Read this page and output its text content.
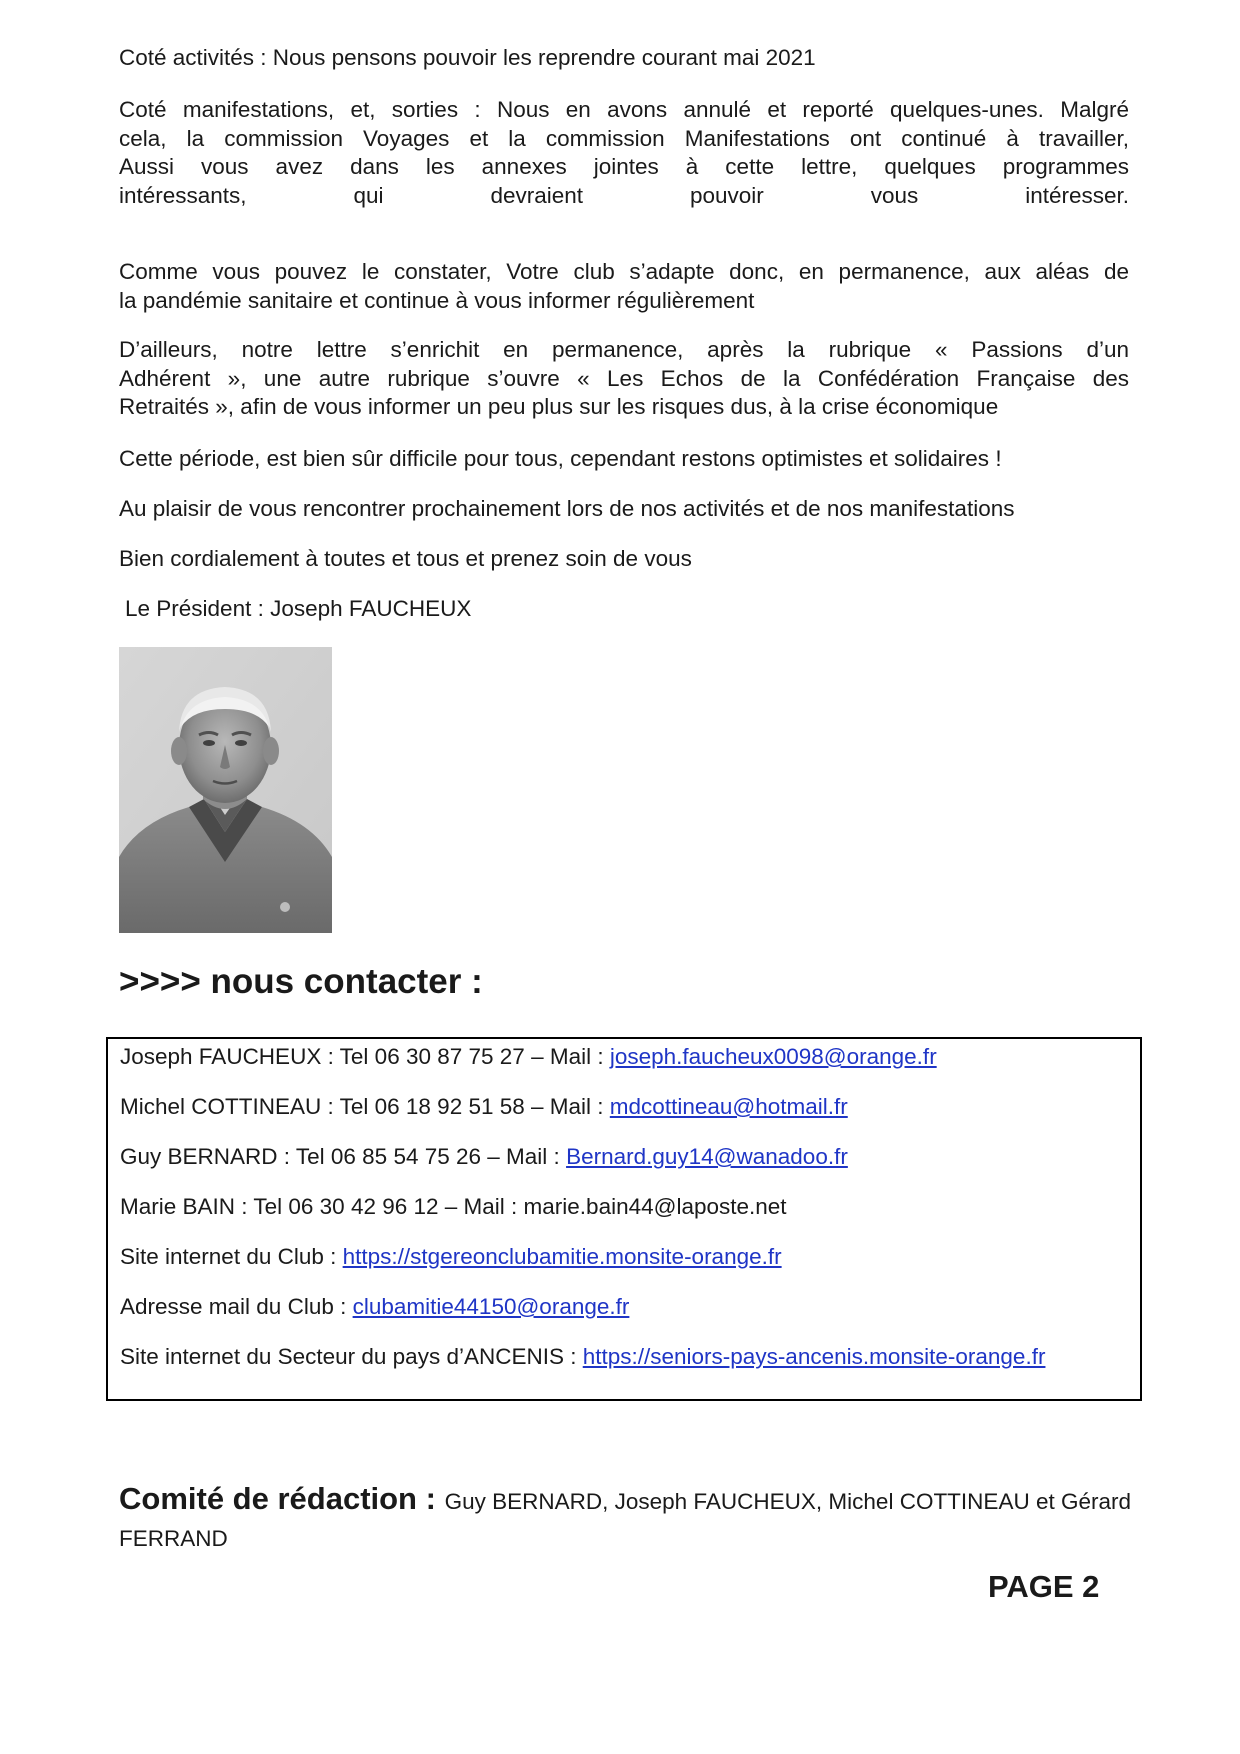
Coté activités : Nous pensons pouvoir les reprendre courant mai 2021

Coté manifestations, et, sorties : Nous en avons annulé et reporté quelques-unes. Malgré
cela, la commission Voyages et la commission Manifestations ont continué à travailler,
Aussi vous avez dans les annexes jointes à cette lettre, quelques programmes
intéressants, qui devraient pouvoir vous intéresser.

Comme vous pouvez le constater, Votre club s’adapte donc, en permanence, aux aléas de
la pandémie sanitaire et continue à vous informer régulièrement

D’ailleurs, notre lettre s’enrichit en permanence, après la rubrique « Passions d’un
Adhérent », une autre rubrique s’ouvre « Les Echos de la Confédération Française des
Retraités », afin de vous informer un peu plus sur les risques dus, à la crise économique

Cette période, est bien sûr difficile pour tous, cependant restons optimistes et solidaires !

Au plaisir de vous rencontrer prochainement lors de nos activités et de nos manifestations

Bien cordialement à toutes et tous et prenez soin de vous

Le Président : Joseph FAUCHEUX

>>>> nous contacter :

Joseph FAUCHEUX : Tel 06 30 87 75 27 – Mail : joseph.faucheux0098@orange.fr

Michel COTTINEAU : Tel 06 18 92 51 58 – Mail : mdcottineau@hotmail.fr

Guy BERNARD : Tel 06 85 54 75 26 – Mail : Bernard.guy14@wanadoo.fr

Marie BAIN : Tel 06 30 42 96 12 – Mail : marie.bain44@laposte.net

Site internet du Club : https://stgereonclubamitie.monsite-orange.fr

Adresse mail du Club : clubamitie44150@orange.fr

Site internet du Secteur du pays d’ANCENIS : https://seniors-pays-ancenis.monsite-orange.fr

Comité de rédaction : Guy BERNARD, Joseph FAUCHEUX, Michel COTTINEAU et Gérard FERRAND

PAGE 2
